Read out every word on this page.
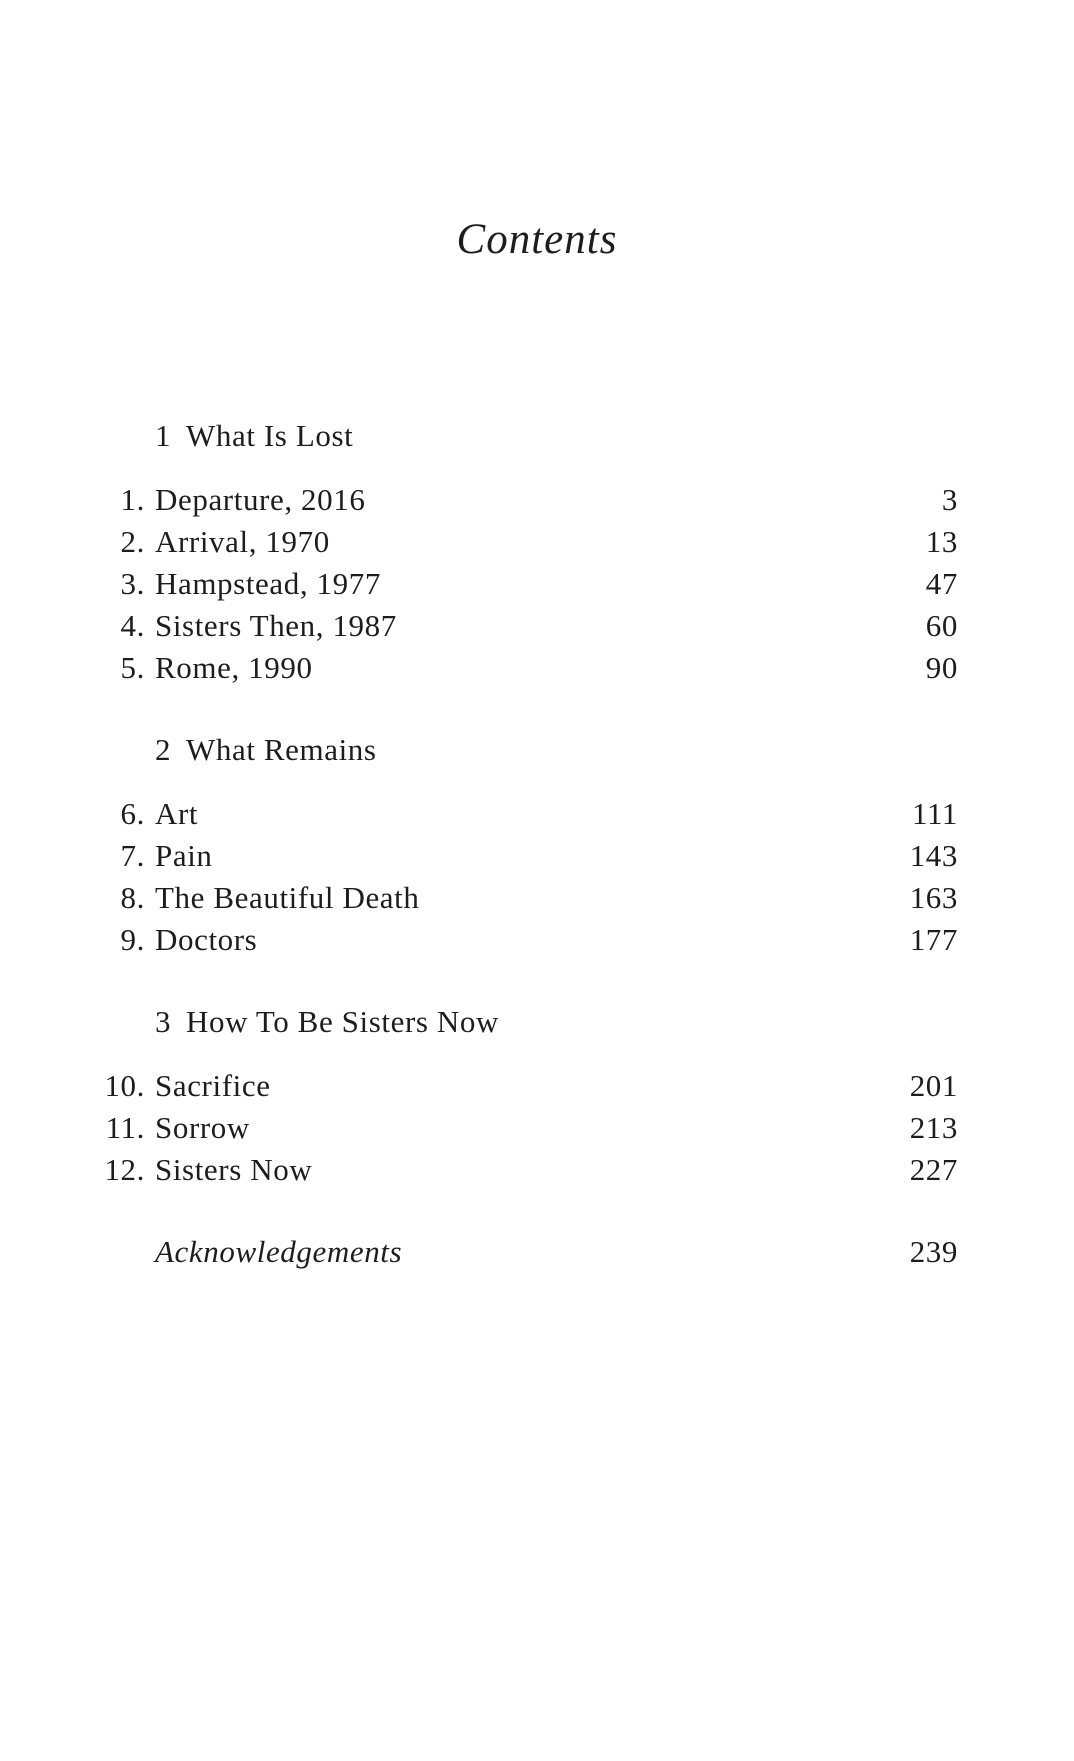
Contents
1 What Is Lost
1. Departure, 2016	3
2. Arrival, 1970	13
3. Hampstead, 1977	47
4. Sisters Then, 1987	60
5. Rome, 1990	90
2 What Remains
6. Art	111
7. Pain	143
8. The Beautiful Death	163
9. Doctors	177
3 How To Be Sisters Now
10. Sacrifice	201
11. Sorrow	213
12. Sisters Now	227
Acknowledgements	239
